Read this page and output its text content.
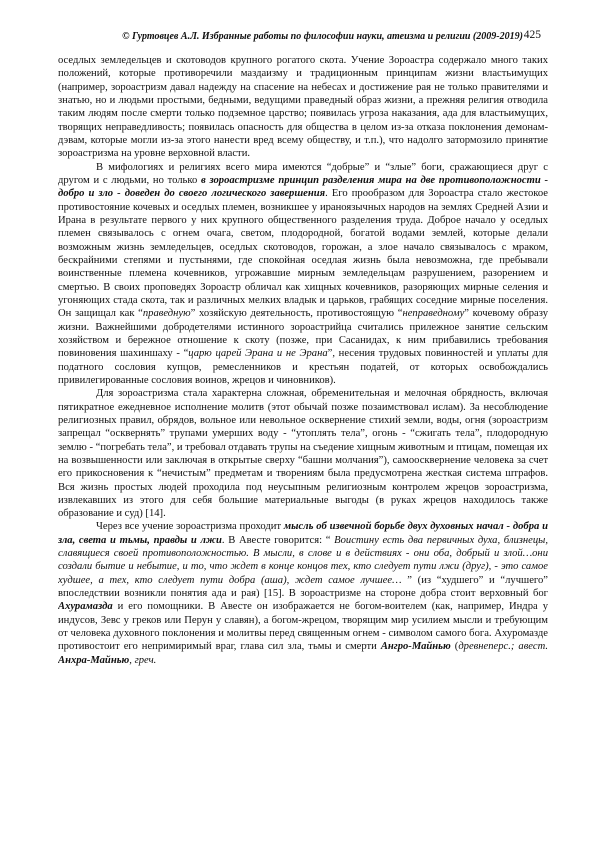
© Гуртовцев А.Л. Избранные работы по философии науки, атеизма и религии (2009-2019) 425

оседлых земледельцев и скотоводов крупного рогатого скота. Учение Зороастра содержало много таких положений, которые противоречили маздаизму и традиционным принципам жизни властьимущих (например, зороастризм давал надежду на спасение на небесах и достижение рая не только правителями и знатью, но и людьми простыми, бедными, ведущими праведный образ жизни, а прежняя религия отводила таким людям после смерти только подземное царство; появилась угроза наказания, ада для властьимущих, творящих неправедливость; появилась опасность для общества в целом из-за отказа поклонения демонам-дэвам, которые могли из-за этого нанести вред всему обществу, и т.п.), что надолго затормозило принятие зороастризма на уровне верховной власти.

В мифологиях и религиях всего мира имеются “добрые” и “злые” боги, сражающиеся друг с другом и с людьми, но только в зороастризме принцип разделения мира на две противоположности - добро и зло - доведен до своего логического завершения. Его прообразом для Зороастра стало жестокое противостояние кочевых и оседлых племен, возникшее у ираноязычных народов на землях Средней Азии и Ирана в результате первого у них крупного общественного разделения труда. Доброе начало у оседлых племен связывалось с огнем очага, светом, плодородной, богатой водами землей, которые делали возможным жизнь земледельцев, оседлых скотоводов, горожан, а злое начало связывалось с мраком, бескрайними степями и пустынями, где спокойная оседлая жизнь была невозможна, где пребывали воинственные племена кочевников, угрожавшие мирным земледельцам разрушением, разорением и смертью. В своих проповедях Зороастр обличал как хищных кочевников, разоряющих мирные селения и угоняющих стада скота, так и различных мелких владык и царьков, грабящих соседние мирные поселения. Он защищал как “праведную” хозяйскую деятельность, противостоящую “неправедному” кочевому образу жизни. Важнейшими добродетелями истинного зороастрийца считались прилежное занятие сельским хозяйством и бережное отношение к скоту (позже, при Сасанидах, к ним прибавились требования повиновения шахиншаху - “царю царей Эрана и не Эрана”, несения трудовых повинностей и уплаты для податного сословия купцов, ремесленников и крестьян податей, от которых освобождались привилегированные сословия воинов, жрецов и чиновников).

Для зороастризма стала характерна сложная, обременительная и мелочная обрядность, включая пятикратное ежедневное исполнение молитв (этот обычай позже позаимствовал ислам). За несоблюдение религиозных правил, обрядов, вольное или невольное осквернение стихий земли, воды, огня (зороастризм запрещал “осквернять” трупами умерших воду - “утоплять тела”, огонь - “сжигать тела”, плодородную землю - “погребать тела”, и требовал отдавать трупы на съедение хищным животным и птицам, помещая их на возвышенности или заключая в открытые сверху “башни молчания”), самоосквернение человека за счет его прикосновения к “нечистым” предметам и творениям была предусмотрена жесткая система штрафов. Вся жизнь простых людей проходила под неусыпным религиозным контролем жрецов зороастризма, извлекавших из этого для себя большие материальные выгоды (в руках жрецов находилось также образование и суд) [14].

Через все учение зороастризма проходит мысль об извечной борьбе двух духовных начал - добра и зла, света и тьмы, правды и лжи. В Авесте говорится: “ Воистину есть два первичных духа, близнецы, славящиеся своей противоположностью. В мысли, в слове и в действиях - они оба, добрый и злой…они создали бытие и небытие, и то, что ждет в конце концов тех, кто следует пути лжи (друг), - это самое худшее, а тех, кто следует пути добра (аша), ждет самое лучшее… ” (из “худшего” и “лучшего” впоследствии возникли понятия ада и рая) [15]. В зороастризме на стороне добра стоит верховный бог Ахурамазда и его помощники. В Авесте он изображается не богом-воителем (как, например, Индра у индусов, Зевс у греков или Перун у славян), а богом-жрецом, творящим мир усилием мысли и требующим от человека духовного поклонения и молитвы перед священным огнем - символом самого бога. Ахуромазде противостоит его непримиримый враг, глава сил зла, тьмы и смерти Ангро-Майнью (древнеперс.; авест. Анхра-Майнью, греч.
